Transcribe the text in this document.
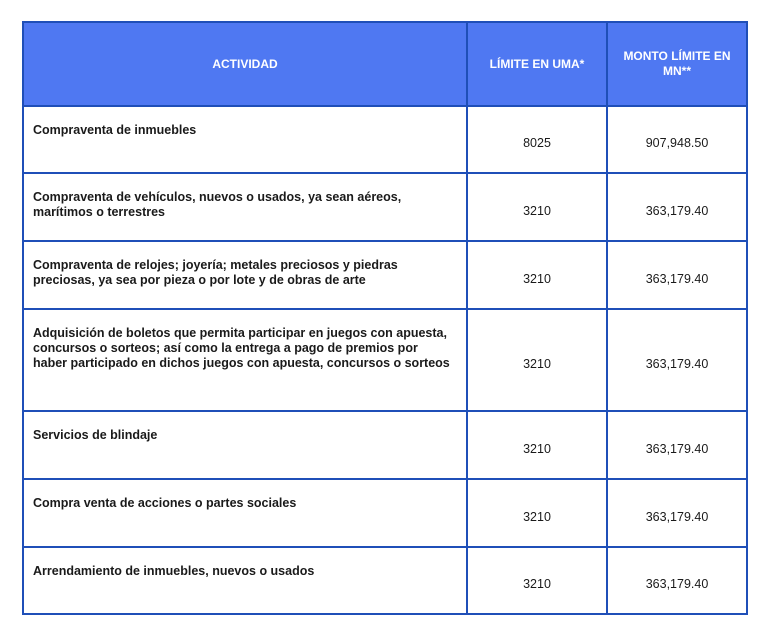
ACTIVIDAD	LÍMITE EN UMA*	MONTO LÍMITE EN MN**
Compraventa de inmuebles	8025	907,948.50
Compraventa de vehículos, nuevos o usados, ya sean aéreos, marítimos o terrestres	3210	363,179.40
Compraventa de relojes; joyería; metales preciosos y piedras preciosas, ya sea por pieza o por lote y de obras de arte	3210	363,179.40
Adquisición de boletos que permita participar en juegos con apuesta, concursos o sorteos; así como la entrega a pago de premios por haber participado en dichos juegos con apuesta, concursos o sorteos	3210	363,179.40
Servicios de blindaje	3210	363,179.40
Compra venta de acciones o partes sociales	3210	363,179.40
Arrendamiento de inmuebles, nuevos o usados	3210	363,179.40
